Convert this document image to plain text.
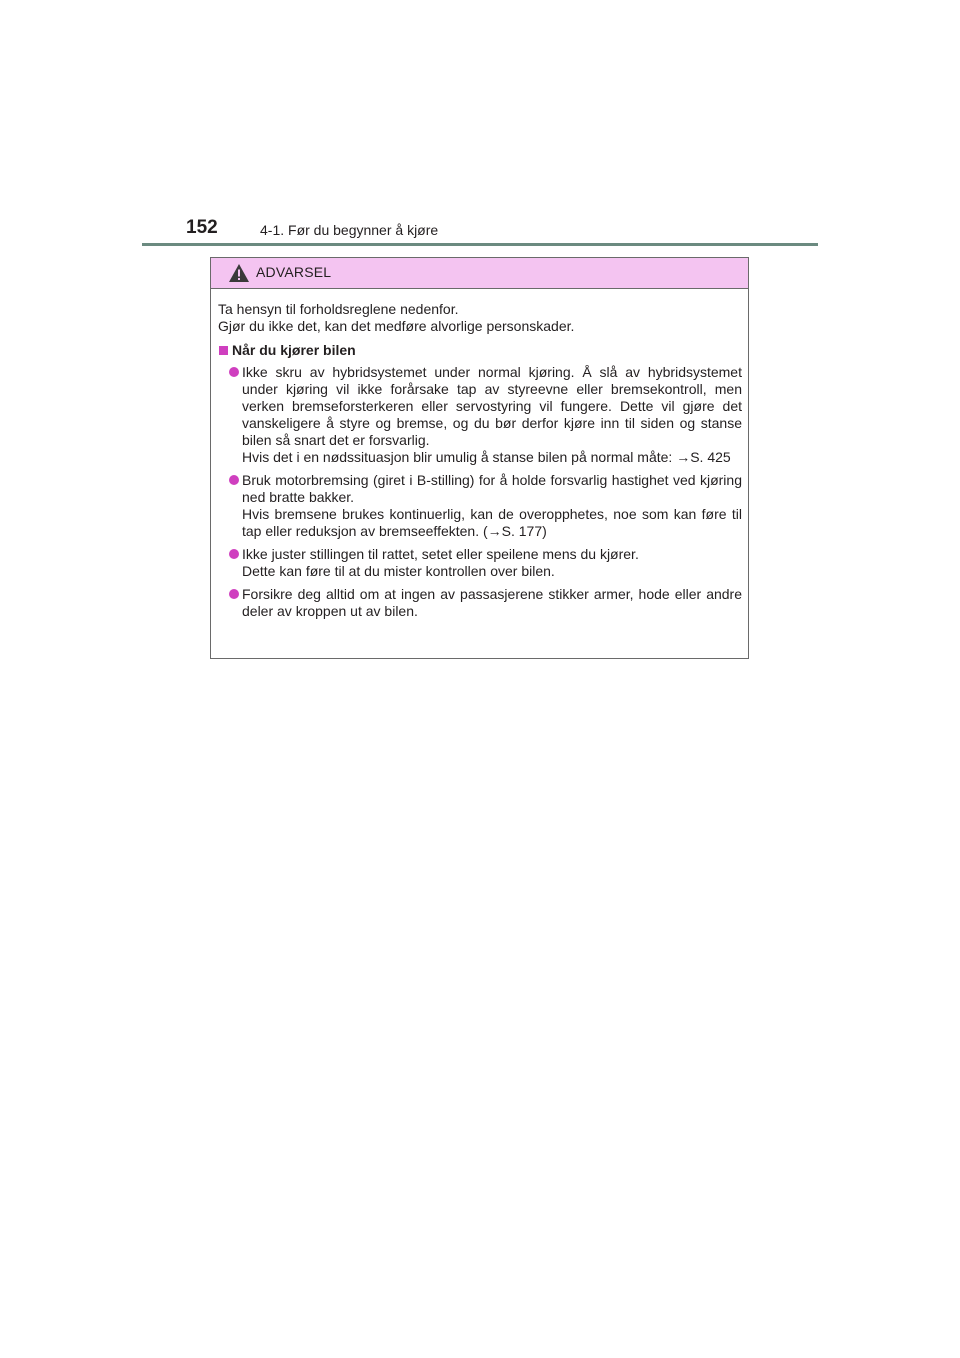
152	4-1. Før du begynner å kjøre
ADVARSEL

Ta hensyn til forholdsreglene nedenfor.

Gjør du ikke det, kan det medføre alvorlige personskader.

Når du kjører bilen

Ikke skru av hybridsystemet under normal kjøring. Å slå av hybridsystemet under kjøring vil ikke forårsake tap av styreevne eller bremsekontroll, men verken bremseforsterkeren eller servostyring vil fungere. Dette vil gjøre det vanskeligere å styre og bremse, og du bør derfor kjøre inn til siden og stanse bilen så snart det er forsvarlig.

Hvis det i en nødssituasjon blir umulig å stanse bilen på normal måte: →S. 425

Bruk motorbremsing (giret i B-stilling) for å holde forsvarlig hastighet ved kjøring ned bratte bakker.

Hvis bremsene brukes kontinuerlig, kan de overopphetes, noe som kan føre til tap eller reduksjon av bremseeffekten. (→S. 177)

Ikke juster stillingen til rattet, setet eller speilene mens du kjører.

Dette kan føre til at du mister kontrollen over bilen.

Forsikre deg alltid om at ingen av passasjerene stikker armer, hode eller andre deler av kroppen ut av bilen.
